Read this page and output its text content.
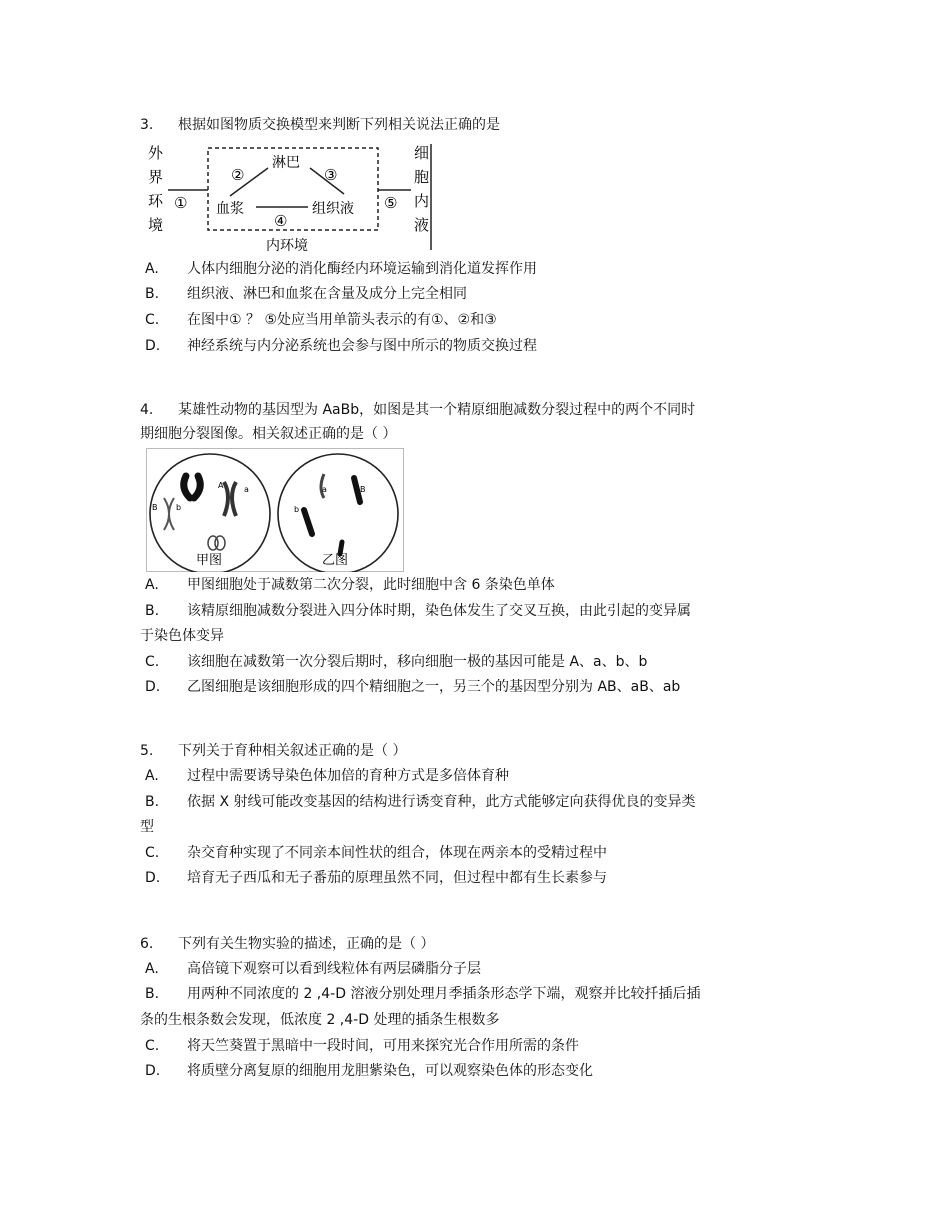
3. 根据如图物质交换模型来判断下列相关说法正确的是
外界环境
细胞内液
①
②	③
④
⑤
淋巴
血浆	组织液
内环境
A. 人体内细胞分泌的消化酶经内环境运输到消化道发挥作用
B. 组织液、淋巴和血浆在含量及成分上完全相同
C. 在图中① ？ ⑤处应当用单箭头表示的有①、②和③
D. 神经系统与内分泌系统也会参与图中所示的物质交换过程
4. 某雄性动物的基因型为 AaBb，如图是其一个精原细胞减数分裂过程中的两个不同时
期细胞分裂图像。相关叙述正确的是（ ）
A	a
B b
甲图
B
a
b
乙图
A. 甲图细胞处于减数第二次分裂，此时细胞中含 6 条染色单体
B. 该精原细胞减数分裂进入四分体时期，染色体发生了交叉互换，由此引起的变异属
于染色体变异
C. 该细胞在减数第一次分裂后期时，移向细胞一极的基因可能是 A、a、b、b
D. 乙图细胞是该细胞形成的四个精细胞之一，另三个的基因型分别为 AB、aB、ab
5. 下列关于育种相关叙述正确的是（ ）
A. 过程中需要诱导染色体加倍的育种方式是多倍体育种
B. 依据 X 射线可能改变基因的结构进行诱变育种，此方式能够定向获得优良的变异类
型
C. 杂交育种实现了不同亲本间性状的组合，体现在两亲本的受精过程中
D. 培育无子西瓜和无子番茄的原理虽然不同，但过程中都有生长素参与
6. 下列有关生物实验的描述，正确的是（ ）
A. 高倍镜下观察可以看到线粒体有两层磷脂分子层
B. 用两种不同浓度的 2 ,4-D 溶液分别处理月季插条形态学下端，观察并比较扦插后插
条的生根条数会发现，低浓度 2 ,4-D 处理的插条生根数多
C. 将天竺葵置于黑暗中一段时间，可用来探究光合作用所需的条件
D. 将质壁分离复原的细胞用龙胆紫染色，可以观察染色体的形态变化
